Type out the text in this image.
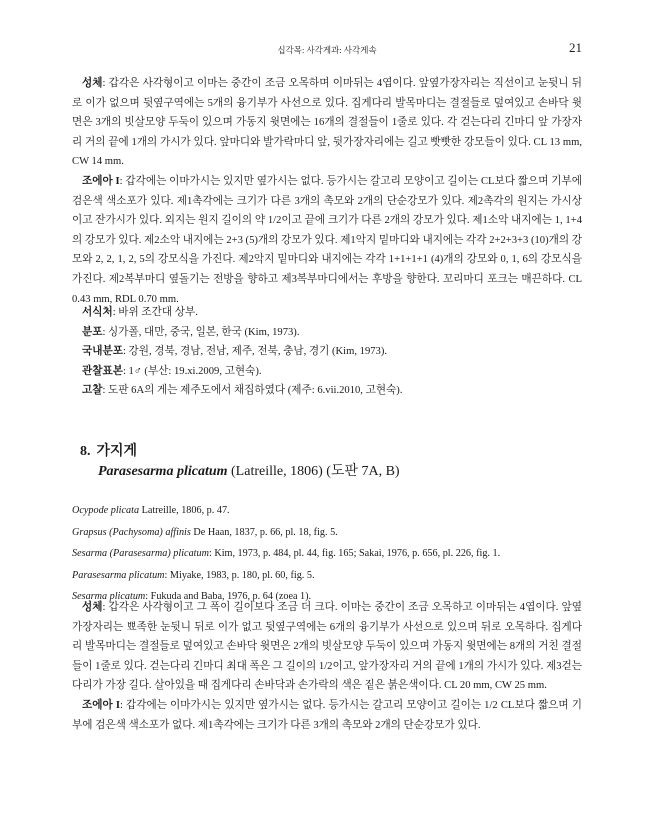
십각목: 사각게과: 사각게속	21

성체: 갑각은 사각형이고 이마는 중간이 조금 오목하며 이마뒤는 4엽이다. 앞옆가장자리는 직선이고 눈뒷니 뒤로 이가 없으며 뒷옆구역에는 5개의 융기부가 사선으로 있다. 집게다리 발목마디는 결절들로 덮여있고 손바닥 윗면은 3개의 빗살모양 두둑이 있으며 가동지 윗면에는 16개의 결절들이 1줄로 있다. 각 걷는다리 긴마디 앞 가장자리 거의 끝에 1개의 가시가 있다. 앞마디와 발가락마디 앞, 뒷가장자리에는 길고 빳빳한 강모들이 있다. CL 13 mm, CW 14 mm.

조에아 I: 갑각에는 이마가시는 있지만 옆가시는 없다. 등가시는 갈고리 모양이고 길이는 CL보다 짧으며 기부에 검은색 색소포가 있다. 제1촉각에는 크기가 다른 3개의 촉모와 2개의 단순강모가 있다. 제2촉각의 원지는 가시상이고 잔가시가 있다. 외지는 원지 길이의 약 1/2이고 끝에 크기가 다른 2개의 강모가 있다. 제1소악 내지에는 1, 1+4의 강모가 있다. 제2소악 내지에는 2+3 (5)개의 강모가 있다. 제1악지 밑마디와 내지에는 각각 2+2+3+3 (10)개의 강모와 2, 2, 1, 2, 5의 강모식을 가진다. 제2악지 밑마디와 내지에는 각각 1+1+1+1 (4)개의 강모와 0, 1, 6의 강모식을 가진다. 제2복부마디 옆돌기는 전방을 향하고 제3복부마디에서는 후방을 향한다. 꼬리마디 포크는 매끈하다. CL 0.43 mm, RDL 0.70 mm.

서식처: 바위 조간대 상부.

분포: 싱가폴, 대만, 중국, 일본, 한국 (Kim, 1973).

국내분포: 강원, 경북, 경남, 전남, 제주, 전북, 충남, 경기 (Kim, 1973).

관찰표본: 1♂ (부산: 19.xi.2009, 고현숙).

고찰: 도판 6A의 게는 제주도에서 채집하였다 (제주: 6.vii.2010, 고현숙).

8. 가지게
Parasesarma plicatum (Latreille, 1806) (도판 7A, B)

Ocypode plicata Latreille, 1806, p. 47.

Grapsus (Pachysoma) affinis De Haan, 1837, p. 66, pl. 18, fig. 5.

Sesarma (Parasesarma) plicatum: Kim, 1973, p. 484, pl. 44, fig. 165; Sakai, 1976, p. 656, pl. 226, fig. 1.

Parasesarma plicatum: Miyake, 1983, p. 180, pl. 60, fig. 5.

Sesarma plicatum: Fukuda and Baba, 1976, p. 64 (zoea 1).

성체: 갑각은 사각형이고 그 폭이 길이보다 조금 더 크다. 이마는 중간이 조금 오목하고 이마뒤는 4엽이다. 앞옆가장자리는 뾰족한 눈뒷니 뒤로 이가 없고 뒷옆구역에는 6개의 융기부가 사선으로 있으며 뒤로 오목하다. 집게다리 발목마디는 결절들로 덮여있고 손바닥 윗면은 2개의 빗살모양 두둑이 있으며 가동지 윗면에는 8개의 거친 결절들이 1줄로 있다. 걷는다리 긴마디 최대 폭은 그 길이의 1/2이고, 앞가장자리 거의 끝에 1개의 가시가 있다. 제3걷는다리가 가장 길다. 살아있을 때 집게다리 손바닥과 손가락의 색은 짙은 붉은색이다. CL 20 mm, CW 25 mm.

조에아 I: 갑각에는 이마가시는 있지만 옆가시는 없다. 등가시는 갈고리 모양이고 길이는 1/2 CL보다 짧으며 기부에 검은색 색소포가 없다. 제1촉각에는 크기가 다른 3개의 촉모와 2개의 단순강모가 있다.
